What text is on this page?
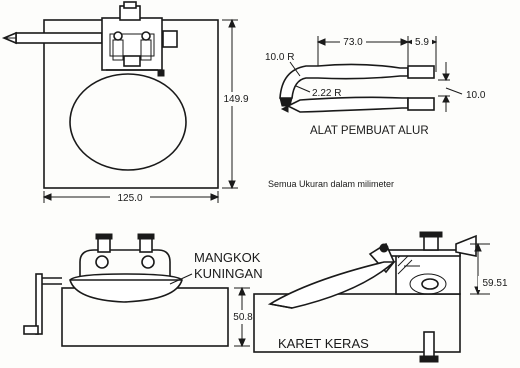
149.9
125.0
73.0	5.9
10.0 R
2.22 R	10.0
ALAT PEMBUAT ALUR
Semua Ukuran dalam milimeter
MANGKOK
KUNINGAN
50.8
KARET KERAS
59.51
